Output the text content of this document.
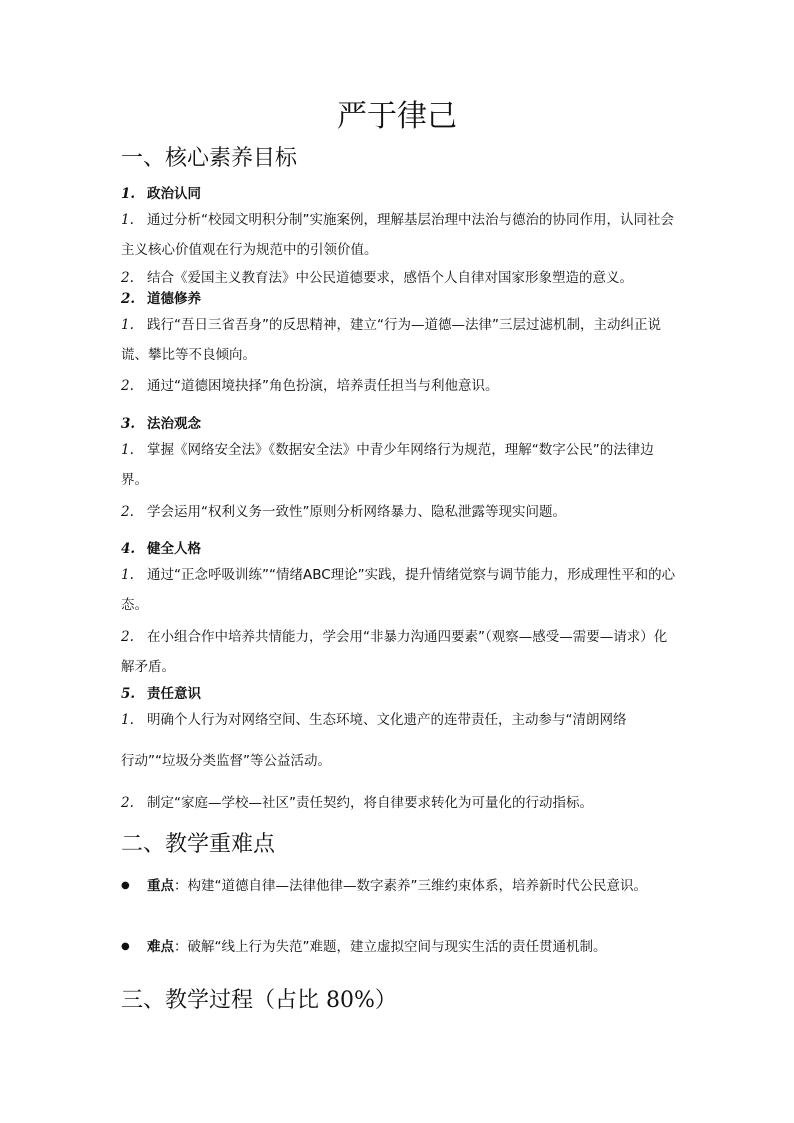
严于律己
一、核心素养目标
1. 政治认同
1. 通过分析“校园文明积分制”实施案例，理解基层治理中法治与德治的协同作用，认同社会主义核心价值观在行为规范中的引领价值。
2. 结合《爱国主义教育法》中公民道德要求，感悟个人自律对国家形象塑造的意义。
2. 道德修养
1. 践行“吾日三省吾身”的反思精神，建立“行为—道德—法律”三层过滤机制，主动纠正说谎、攀比等不良倾向。
2. 通过“道德困境抉择”角色扮演，培养责任担当与利他意识。
3. 法治观念
1. 掌握《网络安全法》《数据安全法》中青少年网络行为规范，理解“数字公民”的法律边界。
2. 学会运用“权利义务一致性”原则分析网络暴力、隐私泄露等现实问题。
4. 健全人格
1. 通过“正念呼吸训练”“情绪ABC理论”实践，提升情绪觉察与调节能力，形成理性平和的心态。
2. 在小组合作中培养共情能力，学会用“非暴力沟通四要素”（观察—感受—需要—请求）化解矛盾。
5. 责任意识
1. 明确个人行为对网络空间、生态环境、文化遗产的连带责任，主动参与“清朗网络
行动”“垃圾分类监督”等公益活动。
2. 制定“家庭—学校—社区”责任契约，将自律要求转化为可量化的行动指标。
二、教学重难点
● 重点：构建“道德自律—法律他律—数字素养”三维约束体系，培养新时代公民意识。
● 难点：破解“线上行为失范”难题，建立虚拟空间与现实生活的责任贯通机制。
三、教学过程（占比 80%）
